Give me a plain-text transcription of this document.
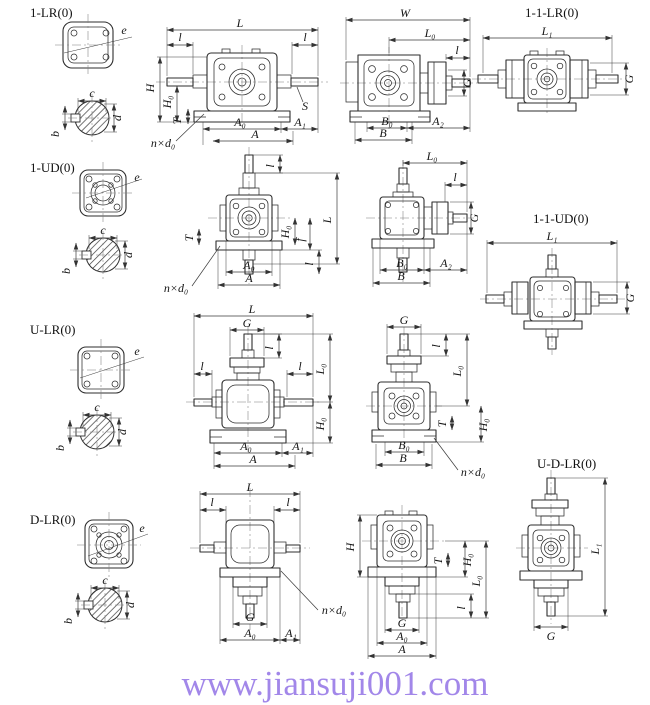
1-LR(0)
e
c
d
b
L
l	l
H
H₀
T	A₀	A₁
A
n×d₀
S
W
L₀
l
G
B₀	A₂
B
1-1-LR(0)
L₁
G
1-UD(0)
e
c
d
b
l
L
H₀
f
l
T
n×d₀
A₀
A
L₀
l
G
B₀	A₂
B
1-1-UD(0)
L₁
G
U-LR(0)
e
c
d
b
L
G
l
l	l L₀
H₀
A₀	A₁
A
G
l
L₀
T H₀
B₀
B
n×d₀
D-LR(0)
e
c
d
b
L
l	l
n×d₀
G
A₀ A₁
H
T H₀
L₀
l
G
A₀
A
U-D-LR(0)
L₁
G
www.jiansuji001.com
